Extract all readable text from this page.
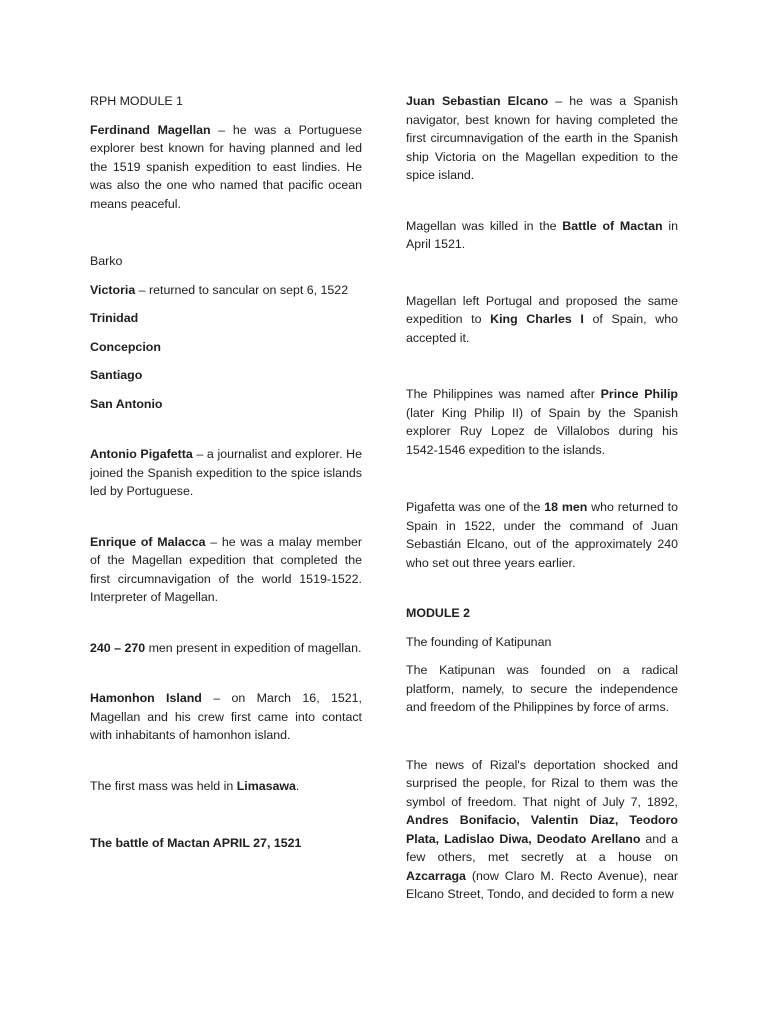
RPH MODULE 1

Ferdinand Magellan – he was a Portuguese explorer best known for having planned and led the 1519 spanish expedition to east lindies. He was also the one who named that pacific ocean means peaceful.

Barko

Victoria – returned to sancular on sept 6, 1522

Trinidad

Concepcion

Santiago

San Antonio

Antonio Pigafetta – a journalist and explorer. He joined the Spanish expedition to the spice islands led by Portuguese.

Enrique of Malacca – he was a malay member of the Magellan expedition that completed the first circumnavigation of the world 1519-1522. Interpreter of Magellan.

240 – 270 men present in expedition of magellan.

Hamonhon Island – on March 16, 1521, Magellan and his crew first came into contact with inhabitants of hamonhon island.

The first mass was held in Limasawa.

The battle of Mactan APRIL 27, 1521

Juan Sebastian Elcano – he was a Spanish navigator, best known for having completed the first circumnavigation of the earth in the Spanish ship Victoria on the Magellan expedition to the spice island.

Magellan was killed in the Battle of Mactan in April 1521.

Magellan left Portugal and proposed the same expedition to King Charles I of Spain, who accepted it.

The Philippines was named after Prince Philip (later King Philip II) of Spain by the Spanish explorer Ruy Lopez de Villalobos during his 1542-1546 expedition to the islands.

Pigafetta was one of the 18 men who returned to Spain in 1522, under the command of Juan Sebastián Elcano, out of the approximately 240 who set out three years earlier.

MODULE 2

The founding of Katipunan

The Katipunan was founded on a radical platform, namely, to secure the independence and freedom of the Philippines by force of arms.

The news of Rizal's deportation shocked and surprised the people, for Rizal to them was the symbol of freedom. That night of July 7, 1892, Andres Bonifacio, Valentin Diaz, Teodoro Plata, Ladislao Diwa, Deodato Arellano and a few others, met secretly at a house on Azcarraga (now Claro M. Recto Avenue), near Elcano Street, Tondo, and decided to form a new
